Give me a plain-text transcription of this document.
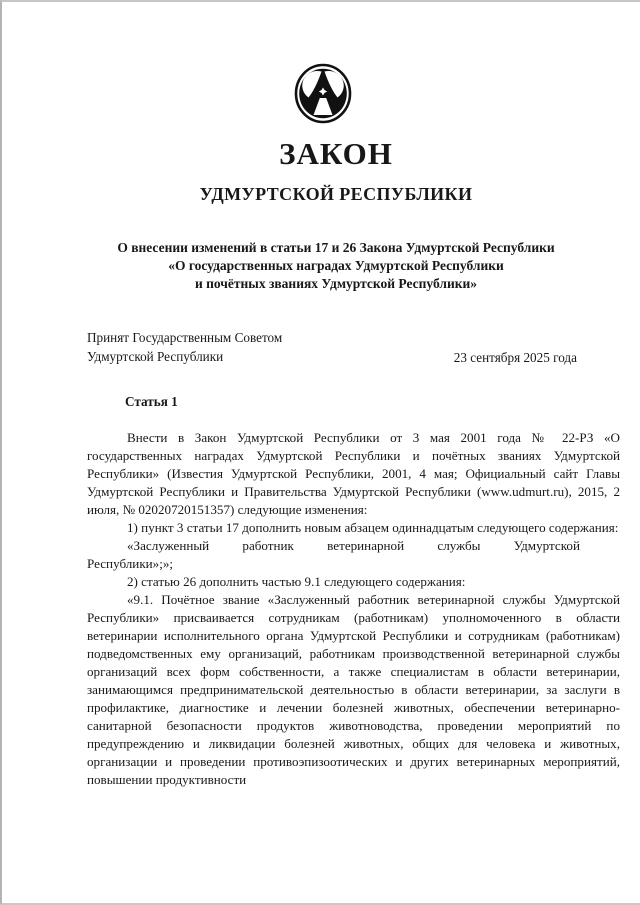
ЗАКОН
УДМУРТСКОЙ РЕСПУБЛИКИ
О внесении изменений в статьи 17 и 26 Закона Удмуртской Республики
«О государственных наградах Удмуртской Республики
и почётных званиях Удмуртской Республики»
Принят Государственным Советом
Удмуртской Республики	23 сентября 2025 года
Статья 1

Внести в Закон Удмуртской Республики от 3 мая 2001 года № 22-РЗ «О государственных наградах Удмуртской Республики и почётных званиях Удмуртской Республики» (Известия Удмуртской Республики, 2001, 4 мая; Официальный сайт Главы Удмуртской Республики и Правительства Удмуртской Республики (www.udmurt.ru), 2015, 2 июля, № 02020720151357) следующие изменения:

1) пункт 3 статьи 17 дополнить новым абзацем одиннадцатым следующего содержания:

«Заслуженный работник ветеринарной службы Удмуртской Республики»;»;

2) статью 26 дополнить частью 9.1 следующего содержания:

«9.1. Почётное звание «Заслуженный работник ветеринарной службы Удмуртской Республики» присваивается сотрудникам (работникам) уполномоченного в области ветеринарии исполнительного органа Удмуртской Республики и сотрудникам (работникам) подведомственных ему организаций, работникам производственной ветеринарной службы организаций всех форм собственности, а также специалистам в области ветеринарии, занимающимся предпринимательской деятельностью в области ветеринарии, за заслуги в профилактике, диагностике и лечении болезней животных, обеспечении ветеринарно-санитарной безопасности продуктов животноводства, проведении мероприятий по предупреждению и ликвидации болезней животных, общих для человека и животных, организации и проведении противоэпизоотических и других ветеринарных мероприятий, повышении продуктивности
